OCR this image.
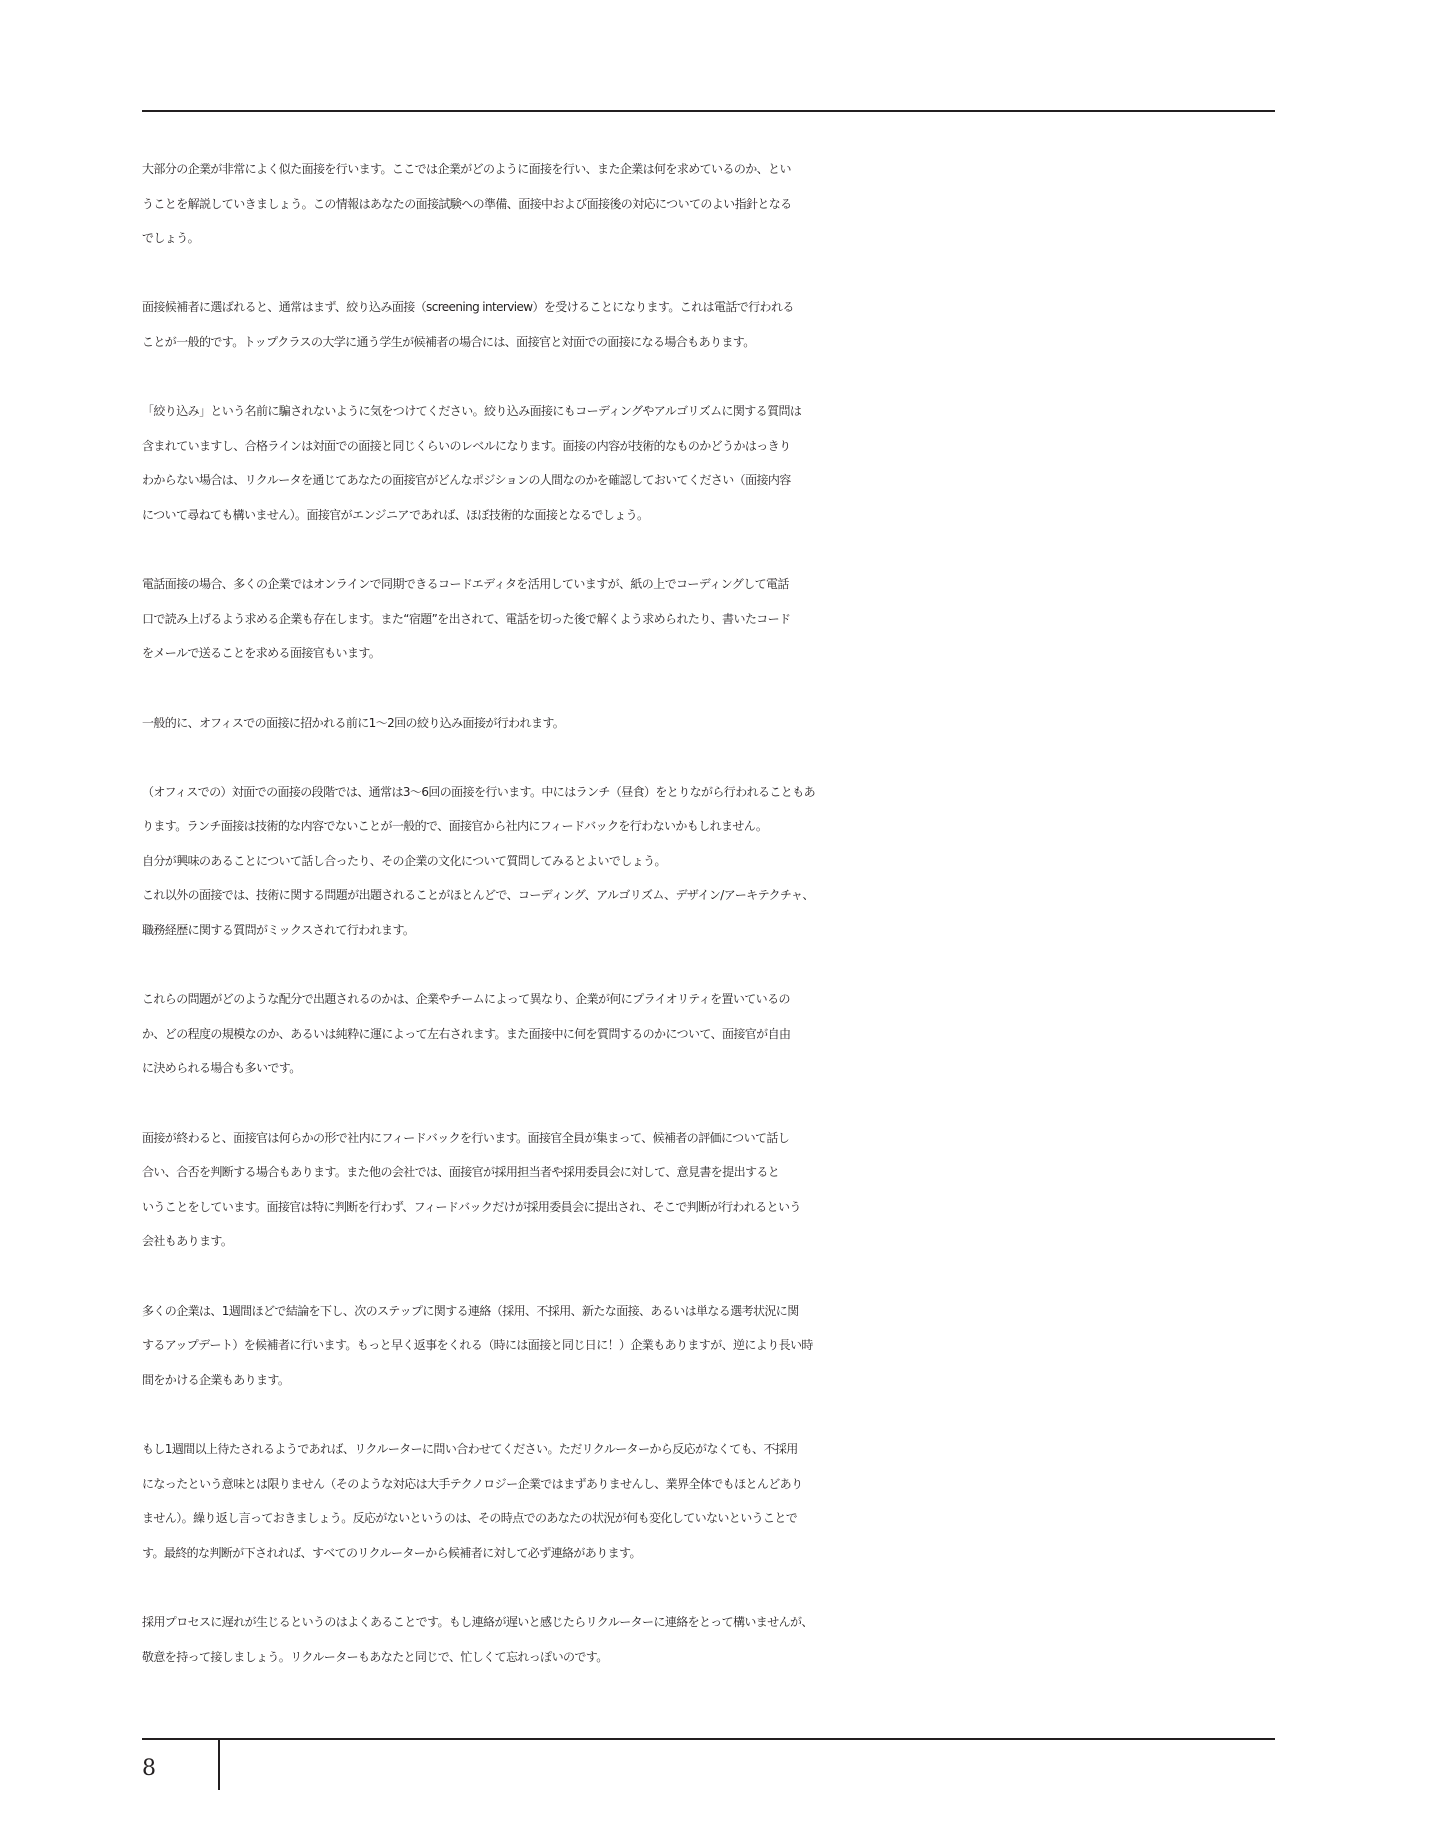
大部分の企業が非常によく似た面接を行います。ここでは企業がどのように面接を行い、また企業は何を求めているのか、とい
うことを解説していきましょう。この情報はあなたの面接試験への準備、面接中および面接後の対応についてのよい指針となる
でしょう。

面接候補者に選ばれると、通常はまず、絞り込み面接（screening interview）を受けることになります。これは電話で行われる
ことが一般的です。トップクラスの大学に通う学生が候補者の場合には、面接官と対面での面接になる場合もあります。

「絞り込み」という名前に騙されないように気をつけてください。絞り込み面接にもコーディングやアルゴリズムに関する質問は
含まれていますし、合格ラインは対面での面接と同じくらいのレベルになります。面接の内容が技術的なものかどうかはっきり
わからない場合は、リクルータを通じてあなたの面接官がどんなポジションの人間なのかを確認しておいてください（面接内容
について尋ねても構いません）。面接官がエンジニアであれば、ほぼ技術的な面接となるでしょう。

電話面接の場合、多くの企業ではオンラインで同期できるコードエディタを活用していますが、紙の上でコーディングして電話
口で読み上げるよう求める企業も存在します。また“宿題”を出されて、電話を切った後で解くよう求められたり、書いたコード
をメールで送ることを求める面接官もいます。

一般的に、オフィスでの面接に招かれる前に1〜2回の絞り込み面接が行われます。

（オフィスでの）対面での面接の段階では、通常は3〜6回の面接を行います。中にはランチ（昼食）をとりながら行われることもあ
ります。ランチ面接は技術的な内容でないことが一般的で、面接官から社内にフィードバックを行わないかもしれません。
自分が興味のあることについて話し合ったり、その企業の文化について質問してみるとよいでしょう。
これ以外の面接では、技術に関する問題が出題されることがほとんどで、コーディング、アルゴリズム、デザイン/アーキテクチャ、
職務経歴に関する質問がミックスされて行われます。

これらの問題がどのような配分で出題されるのかは、企業やチームによって異なり、企業が何にプライオリティを置いているの
か、どの程度の規模なのか、あるいは純粋に運によって左右されます。また面接中に何を質問するのかについて、面接官が自由
に決められる場合も多いです。

面接が終わると、面接官は何らかの形で社内にフィードバックを行います。面接官全員が集まって、候補者の評価について話し
合い、合否を判断する場合もあります。また他の会社では、面接官が採用担当者や採用委員会に対して、意見書を提出すると
いうことをしています。面接官は特に判断を行わず、フィードバックだけが採用委員会に提出され、そこで判断が行われるという
会社もあります。

多くの企業は、1週間ほどで結論を下し、次のステップに関する連絡（採用、不採用、新たな面接、あるいは単なる選考状況に関
するアップデート）を候補者に行います。もっと早く返事をくれる（時には面接と同じ日に！）企業もありますが、逆により長い時
間をかける企業もあります。

もし1週間以上待たされるようであれば、リクルーターに問い合わせてください。ただリクルーターから反応がなくても、不採用
になったという意味とは限りません（そのような対応は大手テクノロジー企業ではまずありませんし、業界全体でもほとんどあり
ません）。繰り返し言っておきましょう。反応がないというのは、その時点でのあなたの状況が何も変化していないということで
す。最終的な判断が下されれば、すべてのリクルーターから候補者に対して必ず連絡があります。

採用プロセスに遅れが生じるというのはよくあることです。もし連絡が遅いと感じたらリクルーターに連絡をとって構いませんが、
敬意を持って接しましょう。リクルーターもあなたと同じで、忙しくて忘れっぽいのです。

8
